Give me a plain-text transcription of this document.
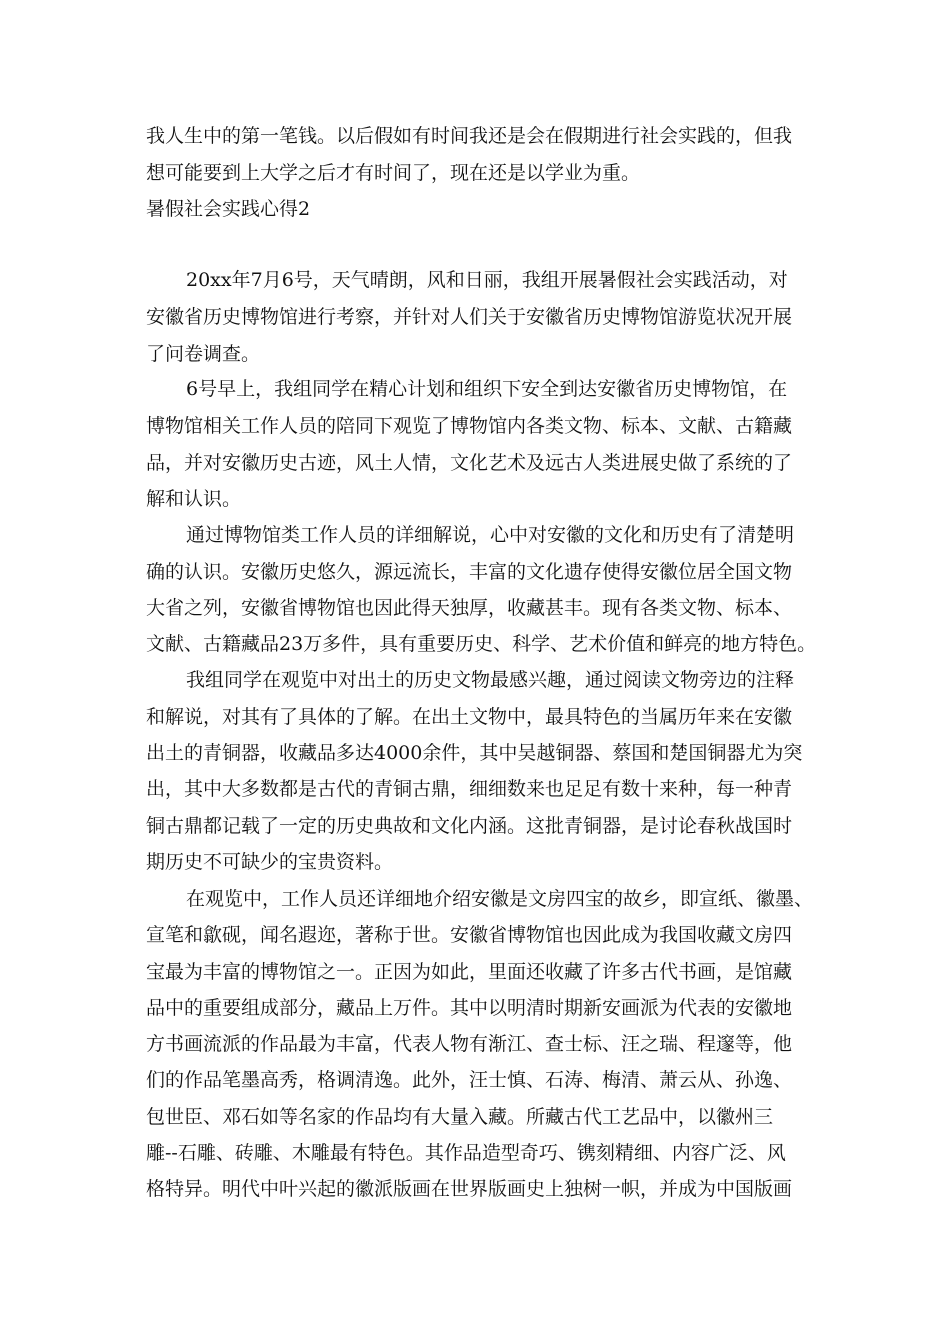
我人生中的第一笔钱。以后假如有时间我还是会在假期进行社会实践的，但我
想可能要到上大学之后才有时间了，现在还是以学业为重。
暑假社会实践心得2
20xx年7月6号，天气晴朗，风和日丽，我组开展暑假社会实践活动，对
安徽省历史博物馆进行考察，并针对人们关于安徽省历史博物馆游览状况开展
了问卷调查。
6号早上，我组同学在精心计划和组织下安全到达安徽省历史博物馆，在
博物馆相关工作人员的陪同下观览了博物馆内各类文物、标本、文献、古籍藏
品，并对安徽历史古迹，风土人情，文化艺术及远古人类进展史做了系统的了
解和认识。
通过博物馆类工作人员的详细解说，心中对安徽的文化和历史有了清楚明
确的认识。安徽历史悠久，源远流长，丰富的文化遗存使得安徽位居全国文物
大省之列，安徽省博物馆也因此得天独厚，收藏甚丰。现有各类文物、标本、
文献、古籍藏品23万多件，具有重要历史、科学、艺术价值和鲜亮的地方特色。
我组同学在观览中对出土的历史文物最感兴趣，通过阅读文物旁边的注释
和解说，对其有了具体的了解。在出土文物中，最具特色的当属历年来在安徽
出土的青铜器，收藏品多达4000余件，其中吴越铜器、蔡国和楚国铜器尤为突
出，其中大多数都是古代的青铜古鼎，细细数来也足足有数十来种，每一种青
铜古鼎都记载了一定的历史典故和文化内涵。这批青铜器，是讨论春秋战国时
期历史不可缺少的宝贵资料。
在观览中，工作人员还详细地介绍安徽是文房四宝的故乡，即宣纸、徽墨、
宣笔和歙砚，闻名遐迩，著称于世。安徽省博物馆也因此成为我国收藏文房四
宝最为丰富的博物馆之一。正因为如此，里面还收藏了许多古代书画，是馆藏
品中的重要组成部分，藏品上万件。其中以明清时期新安画派为代表的安徽地
方书画流派的作品最为丰富，代表人物有渐江、查士标、汪之瑞、程邃等，他
们的作品笔墨高秀，格调清逸。此外，汪士慎、石涛、梅清、萧云从、孙逸、
包世臣、邓石如等名家的作品均有大量入藏。所藏古代工艺品中，以徽州三
雕--石雕、砖雕、木雕最有特色。其作品造型奇巧、镌刻精细、内容广泛、风
格特异。明代中叶兴起的徽派版画在世界版画史上独树一帜，并成为中国版画
